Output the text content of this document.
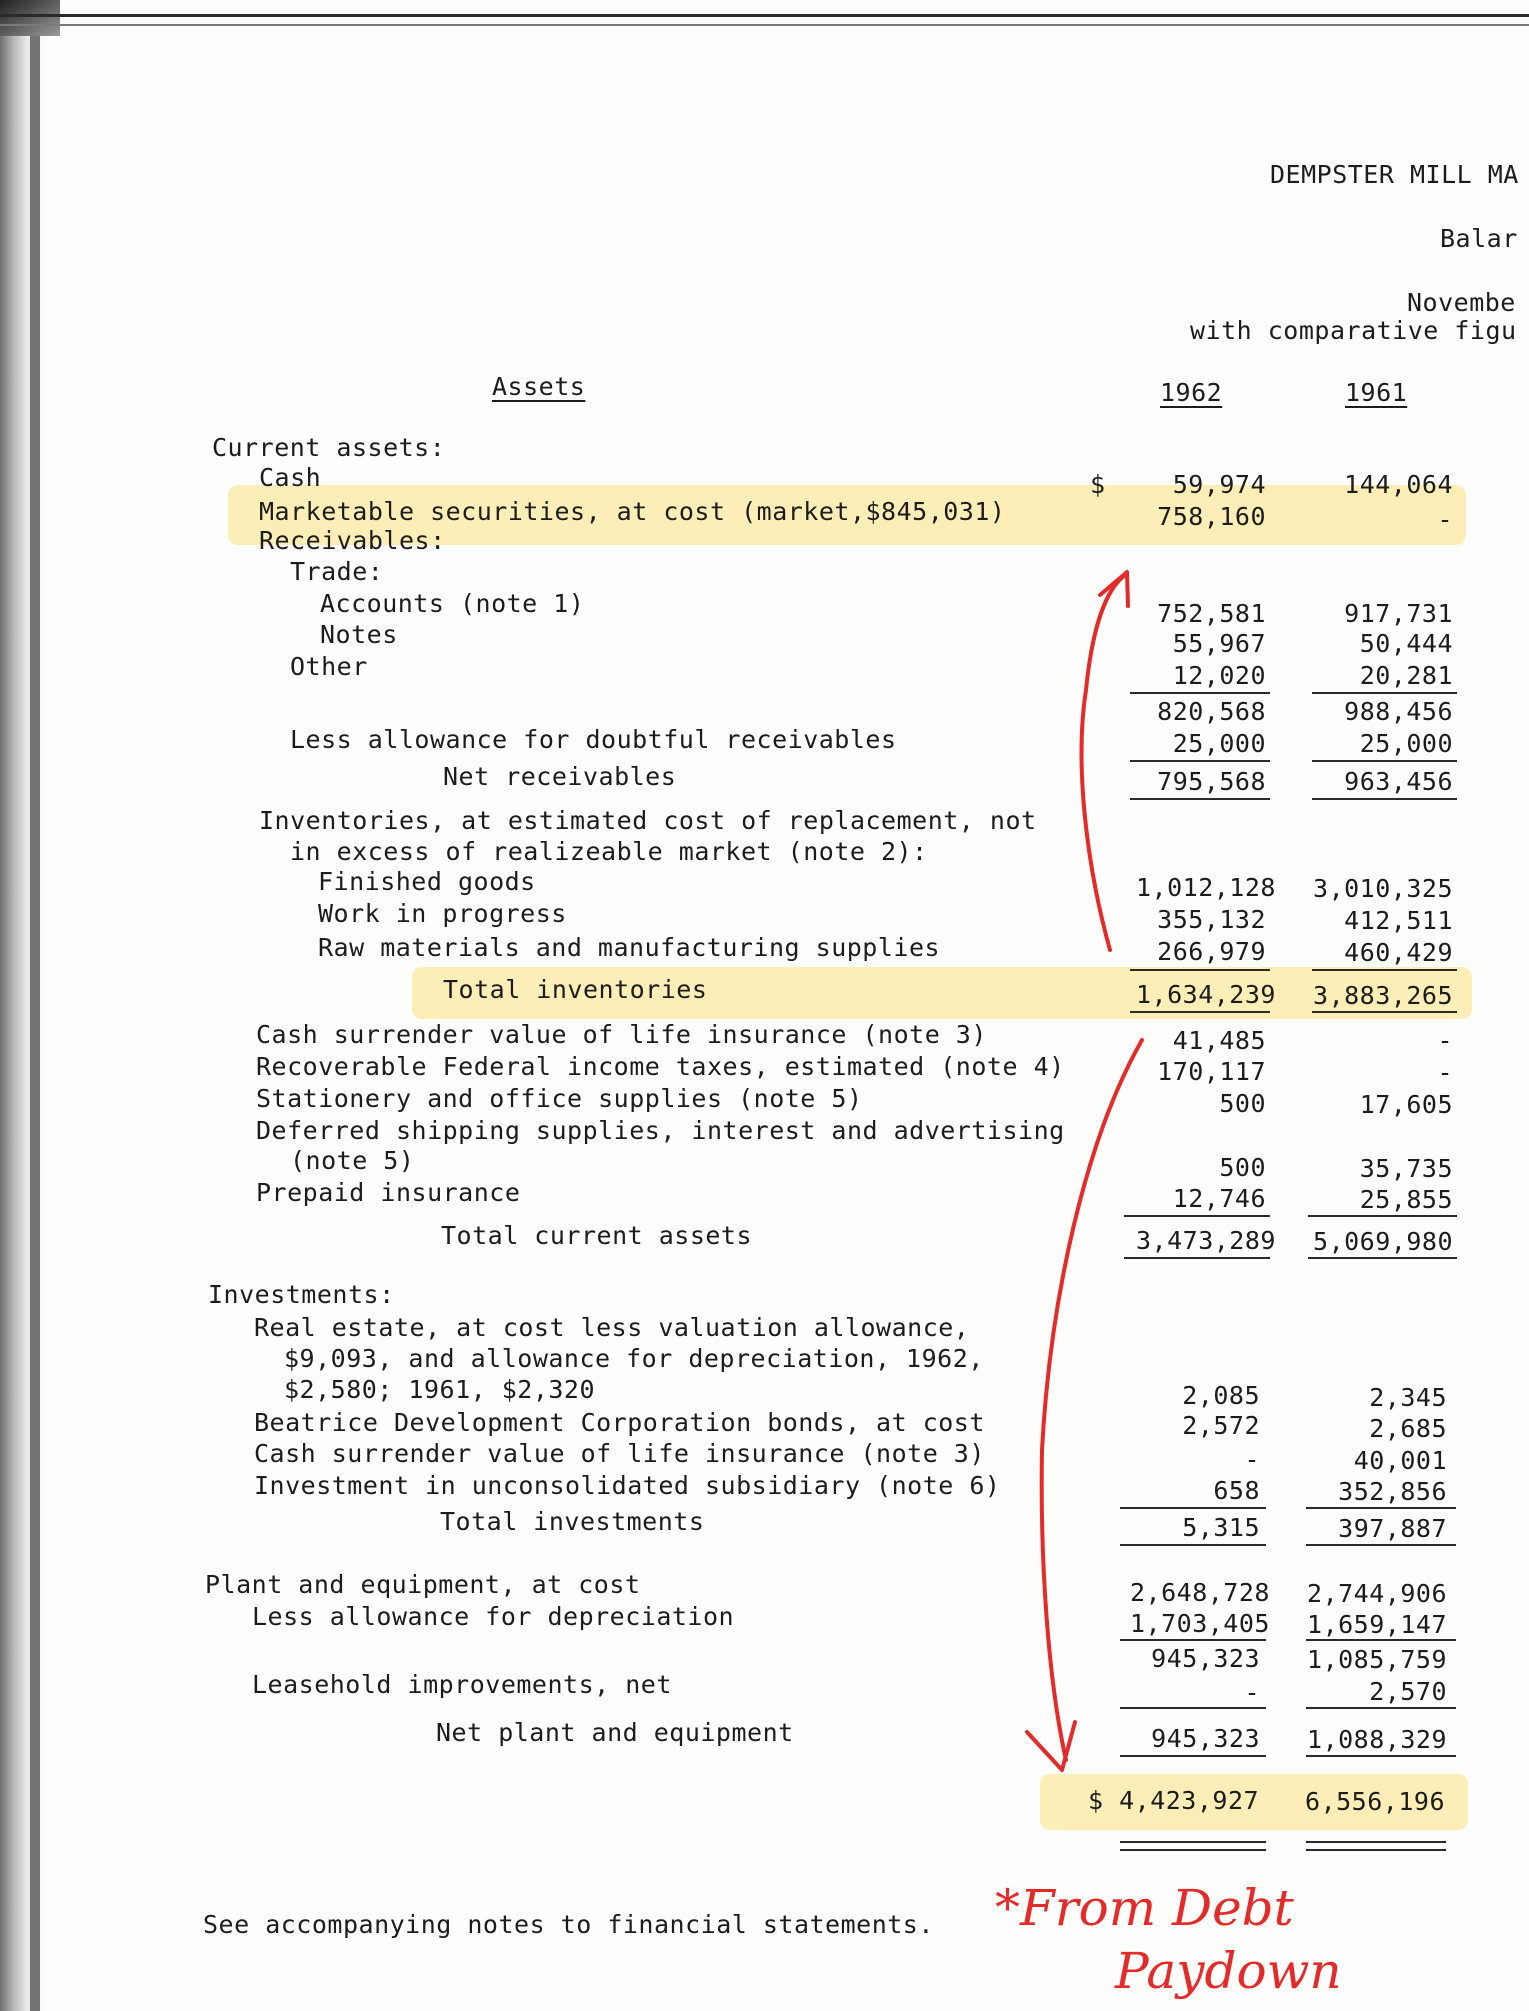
DEMPSTER MILL MA
Balar
Novembe
with comparative figu
Assets	1962	1961
Current assets:
Cash	$	59,974	144,064
Marketable securities, at cost (market,$845,031)	758,160	-
Receivables:
Trade:
Accounts (note 1)	752,581	917,731
Notes	55,967	50,444
Other	12,020	20,281
820,568	988,456
Less allowance for doubtful receivables	25,000	25,000
Net receivables	795,568	963,456
Inventories, at estimated cost of replacement, not
in excess of realizeable market (note 2):
Finished goods	1,012,128	3,010,325
Work in progress	355,132	412,511
Raw materials and manufacturing supplies	266,979	460,429
Total inventories	1,634,239	3,883,265
Cash surrender value of life insurance (note 3)	41,485	-
Recoverable Federal income taxes, estimated (note 4)	170,117	-
Stationery and office supplies (note 5)	500	17,605
Deferred shipping supplies, interest and advertising
(note 5)	500	35,735
Prepaid insurance	12,746	25,855
Total current assets	3,473,289	5,069,980
Investments:
Real estate, at cost less valuation allowance,
$9,093, and allowance for depreciation, 1962,
$2,580; 1961, $2,320	2,085	2,345
Beatrice Development Corporation bonds, at cost	2,572	2,685
Cash surrender value of life insurance (note 3)	-	40,001
Investment in unconsolidated subsidiary (note 6)	658	352,856
Total investments	5,315	397,887
Plant and equipment, at cost	2,648,728	2,744,906
Less allowance for depreciation	1,703,405	1,659,147
945,323	1,085,759
Leasehold improvements, net	-	2,570
Net plant and equipment	945,323	1,088,329
$ 4,423,927	6,556,196
See accompanying notes to financial statements. *From Debt
Paydown
